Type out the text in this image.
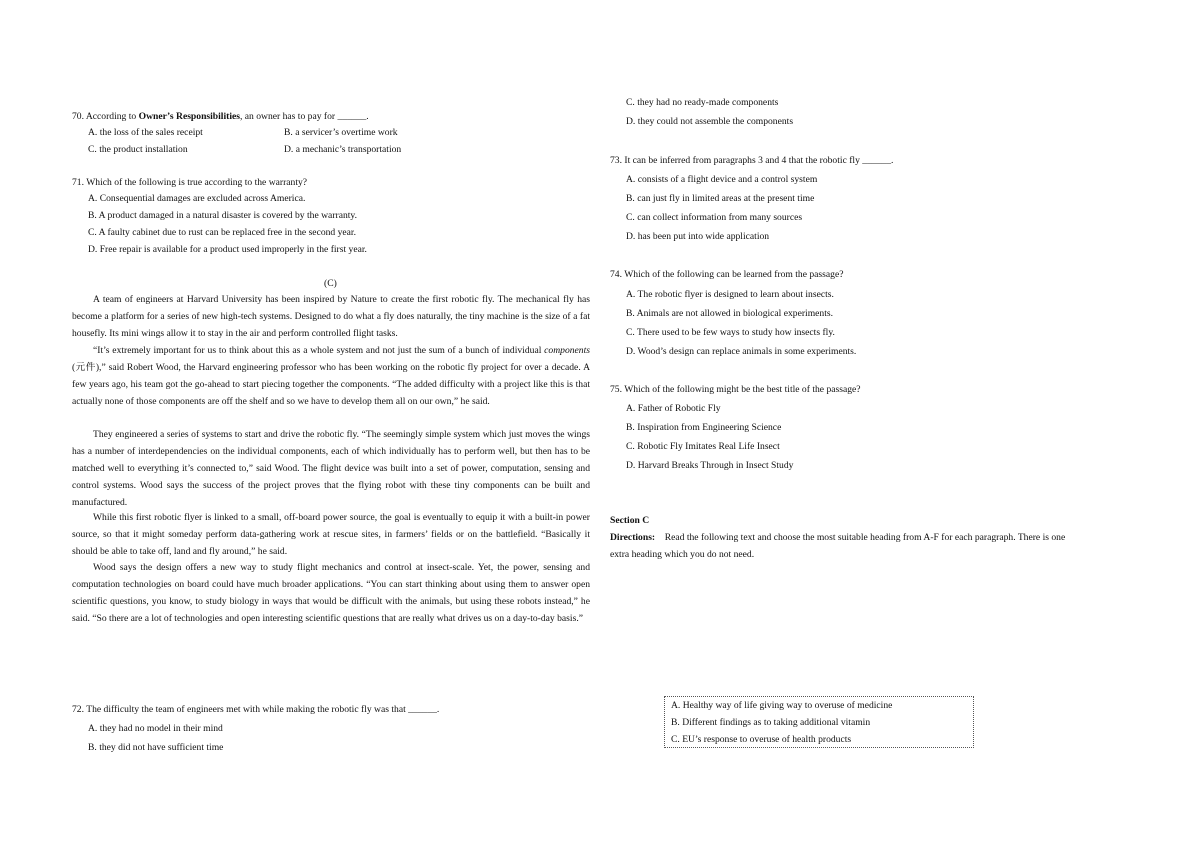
70. According to Owner’s Responsibilities, an owner has to pay for ______.
A. the loss of the sales receipt	B. a servicer’s overtime work
C. the product installation	D. a mechanic’s transportation
71. Which of the following is true according to the warranty?
A. Consequential damages are excluded across America.
B. A product damaged in a natural disaster is covered by the warranty.
C. A faulty cabinet due to rust can be replaced free in the second year.
D. Free repair is available for a product used improperly in the first year.
(C)
A team of engineers at Harvard University has been inspired by Nature to create the first robotic fly. The mechanical fly has become a platform for a series of new high-tech systems. Designed to do what a fly does naturally, the tiny machine is the size of a fat housefly. Its mini wings allow it to stay in the air and perform controlled flight tasks.
“It’s extremely important for us to think about this as a whole system and not just the sum of a bunch of individual components (元件),” said Robert Wood, the Harvard engineering professor who has been working on the robotic fly project for over a decade. A few years ago, his team got the go-ahead to start piecing together the components. “The added difficulty with a project like this is that actually none of those components are off the shelf and so we have to develop them all on our own,” he said.
They engineered a series of systems to start and drive the robotic fly. “The seemingly simple system which just moves the wings has a number of interdependencies on the individual components, each of which individually has to perform well, but then has to be matched well to everything it’s connected to,” said Wood. The flight device was built into a set of power, computation, sensing and control systems. Wood says the success of the project proves that the flying robot with these tiny components can be built and manufactured.
While this first robotic flyer is linked to a small, off-board power source, the goal is eventually to equip it with a built-in power source, so that it might someday perform data-gathering work at rescue sites, in farmers’ fields or on the battlefield. “Basically it should be able to take off, land and fly around,” he said.
Wood says the design offers a new way to study flight mechanics and control at insect-scale. Yet, the power, sensing and computation technologies on board could have much broader applications. “You can start thinking about using them to answer open scientific questions, you know, to study biology in ways that would be difficult with the animals, but using these robots instead,” he said. “So there are a lot of technologies and open interesting scientific questions that are really what drives us on a day-to-day basis.”
72. The difficulty the team of engineers met with while making the robotic fly was that ______.
A. they had no model in their mind
B. they did not have sufficient time
C. they had no ready-made components
D. they could not assemble the components
73. It can be inferred from paragraphs 3 and 4 that the robotic fly ______.
A. consists of a flight device and a control system
B. can just fly in limited areas at the present time
C. can collect information from many sources
D. has been put into wide application
74. Which of the following can be learned from the passage?
A. The robotic flyer is designed to learn about insects.
B. Animals are not allowed in biological experiments.
C. There used to be few ways to study how insects fly.
D. Wood’s design can replace animals in some experiments.
75. Which of the following might be the best title of the passage?
A. Father of Robotic Fly
B. Inspiration from Engineering Science
C. Robotic Fly Imitates Real Life Insect
D. Harvard Breaks Through in Insect Study
Section C
Directions: Read the following text and choose the most suitable heading from A-F for each paragraph. There is one
extra heading which you do not need.
A. Healthy way of life giving way to overuse of medicine
B. Different findings as to taking additional vitamin
C. EU’s response to overuse of health products
